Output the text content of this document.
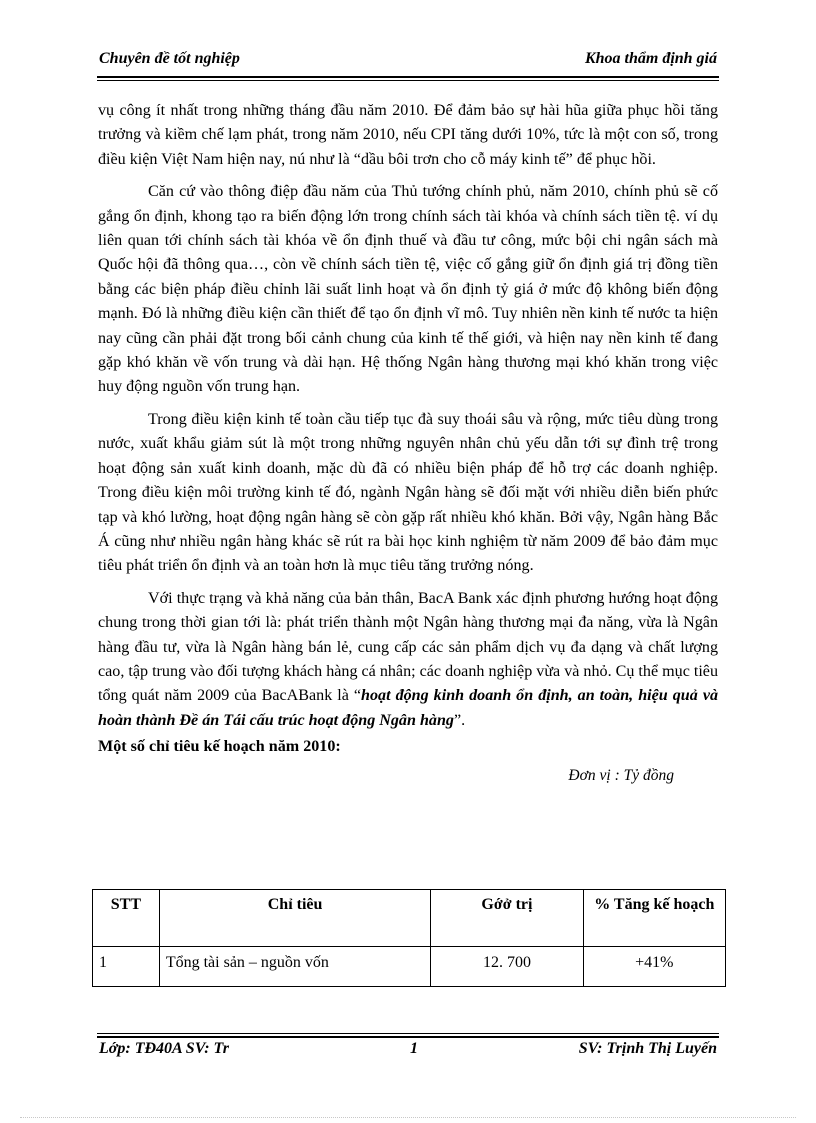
Chuyên đề tốt nghiệp	Khoa thẩm định giá

vụ công ít nhất trong những tháng đầu năm 2010. Để đảm bảo sự hài hũa giữa phục hồi tăng trưởng và kiềm chế lạm phát, trong năm 2010, nếu CPI tăng dưới 10%, tức là một con số, trong điều kiện Việt Nam hiện nay, nú như là “dầu bôi trơn cho cỗ máy kinh tế” để phục hồi.

Căn cứ vào thông điệp đầu năm của Thủ tướng chính phủ, năm 2010, chính phủ sẽ cố gắng ổn định, khong tạo ra biến động lớn trong chính sách tài khóa và chính sách tiền tệ. ví dụ liên quan tới chính sách tài khóa về ổn định thuế và đầu tư công, mức bội chi ngân sách mà Quốc hội đã thông qua…, còn về chính sách tiền tệ, việc cố gắng giữ ổn định giá trị đồng tiền bằng các biện pháp điều chỉnh lãi suất linh hoạt và ổn định tỷ giá ở mức độ không biến động mạnh. Đó là những điều kiện cần thiết để tạo ổn định vĩ mô. Tuy nhiên nền kinh tế nước ta hiện nay cũng cần phải đặt trong bối cảnh chung của kinh tế thế giới, và hiện nay nền kinh tế đang gặp khó khăn về vốn trung và dài hạn. Hệ thống Ngân hàng thương mại khó khăn trong việc huy động nguồn vốn trung hạn.

Trong điều kiện kinh tế toàn cầu tiếp tục đà suy thoái sâu và rộng, mức tiêu dùng trong nước, xuất khẩu giảm sút là một trong những nguyên nhân chủ yếu dẫn tới sự đình trệ trong hoạt động sản xuất kinh doanh, mặc dù đã có nhiều biện pháp để hỗ trợ các doanh nghiệp. Trong điều kiện môi trường kinh tế đó, ngành Ngân hàng sẽ đối mặt với nhiều diễn biến phức tạp và khó lường, hoạt động ngân hàng sẽ còn gặp rất nhiều khó khăn. Bởi vậy, Ngân hàng Bắc Á cũng như nhiều ngân hàng khác sẽ rút ra bài học kinh nghiệm từ năm 2009 để bảo đảm mục tiêu phát triển ổn định và an toàn hơn là mục tiêu tăng trưởng nóng.

Với thực trạng và khả năng của bản thân, BacA Bank xác định phương hướng hoạt động chung trong thời gian tới là: phát triển thành một Ngân hàng thương mại đa năng, vừa là Ngân hàng đầu tư, vừa là Ngân hàng bán lẻ, cung cấp các sản phẩm dịch vụ đa dạng và chất lượng cao, tập trung vào đối tượng khách hàng cá nhân; các doanh nghiệp vừa và nhỏ. Cụ thể mục tiêu tổng quát năm 2009 của BacABank là “hoạt động kinh doanh ổn định, an toàn, hiệu quả và hoàn thành Đề án Tái cấu trúc hoạt động Ngân hàng”.

Một số chỉ tiêu kế hoạch năm 2010:
Đơn vị : Tỷ đồng
STT	Chỉ tiêu	Gớở trị	% Tăng kế hoạch
1	Tổng tài sản – nguồn vốn	12. 700	+41%
Lớp: TĐ40A SV: Tr	1	SV: Trịnh Thị Luyến
